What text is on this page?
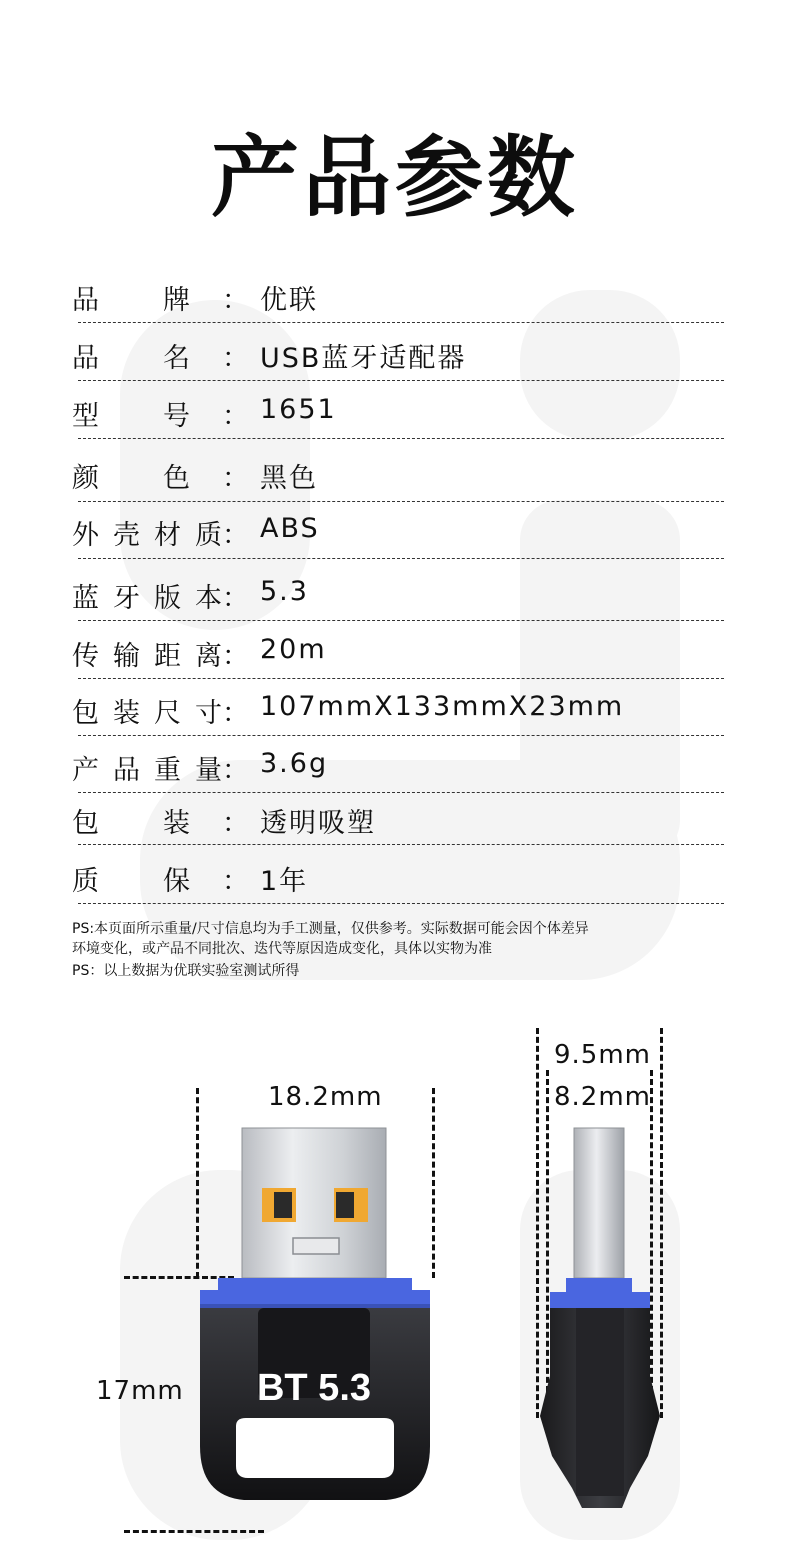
产品参数
品 牌 ： 优联
品 名 ： USB蓝牙适配器
型 号 ： 1651
颜 色 ： 黑色
外 壳 材 质 ： ABS
蓝 牙 版 本 ： 5.3
传 输 距 离 ： 20m
包 装 尺 寸 ： 107mmX133mmX23mm
产 品 重 量 ： 3.6g
包 装 ： 透明吸塑
质 保 ： 1年
PS:本页面所示重量/尺寸信息均为手工测量，仅供参考。实际数据可能会因个体差异
环境变化，或产品不同批次、迭代等原因造成变化，具体以实物为准
PS：以上数据为优联实验室测试所得
18.2mm
17mm BT 5.3
9.5mm
8.2mm
